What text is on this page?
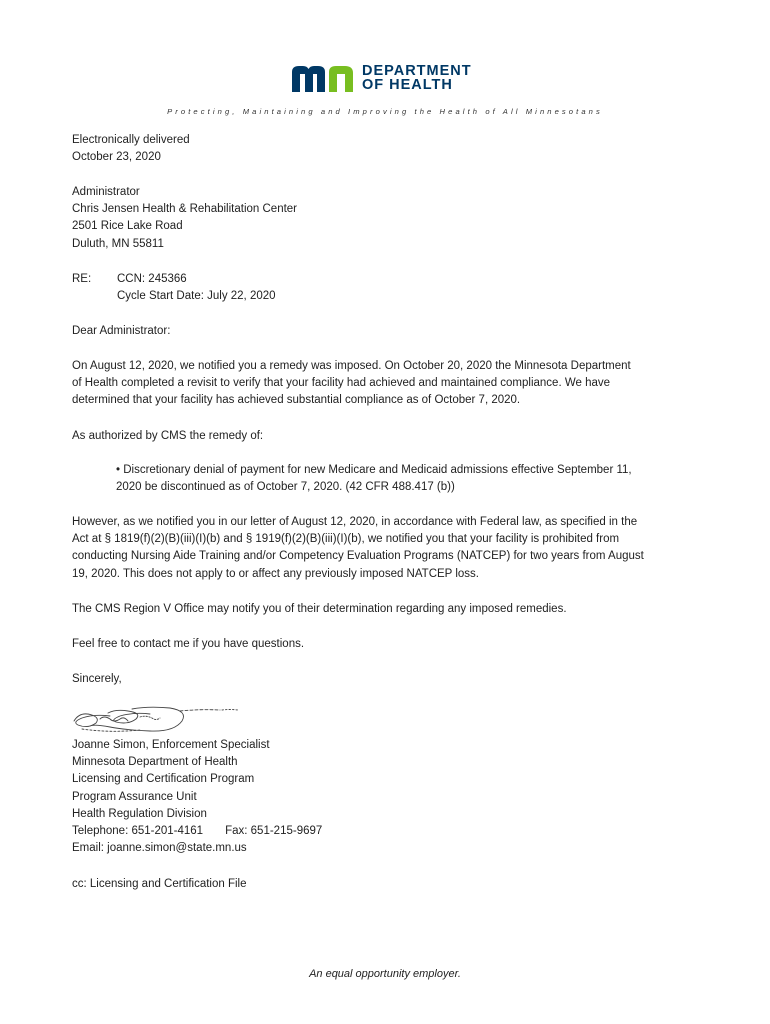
DEPARTMENT
OF HEALTH
Protecting, Maintaining and Improving the Health of All Minnesotans
Electronically delivered
October 23, 2020
Administrator
Chris Jensen Health & Rehabilitation Center
2501 Rice Lake Road
Duluth, MN 55811
RE: CCN: 245366
Cycle Start Date: July 22, 2020
Dear Administrator:
On August 12, 2020, we notified you a remedy was imposed. On October 20, 2020 the Minnesota Department
of Health completed a revisit to verify that your facility had achieved and maintained compliance. We have
determined that your facility has achieved substantial compliance as of October 7, 2020.
As authorized by CMS the remedy of:
• Discretionary denial of payment for new Medicare and Medicaid admissions effective September 11,
2020 be discontinued as of October 7, 2020. (42 CFR 488.417 (b))
However, as we notified you in our letter of August 12, 2020, in accordance with Federal law, as specified in the
Act at § 1819(f)(2)(B)(iii)(I)(b) and § 1919(f)(2)(B)(iii)(I)(b), we notified you that your facility is prohibited from
conducting Nursing Aide Training and/or Competency Evaluation Programs (NATCEP) for two years from August
19, 2020. This does not apply to or affect any previously imposed NATCEP loss.
The CMS Region V Office may notify you of their determination regarding any imposed remedies.
Feel free to contact me if you have questions.
Sincerely,
Joanne Simon, Enforcement Specialist
Minnesota Department of Health
Licensing and Certification Program
Program Assurance Unit
Health Regulation Division
Telephone: 651-201-4161 Fax: 651-215-9697
Email: joanne.simon@state.mn.us
cc: Licensing and Certification File
An equal opportunity employer.
